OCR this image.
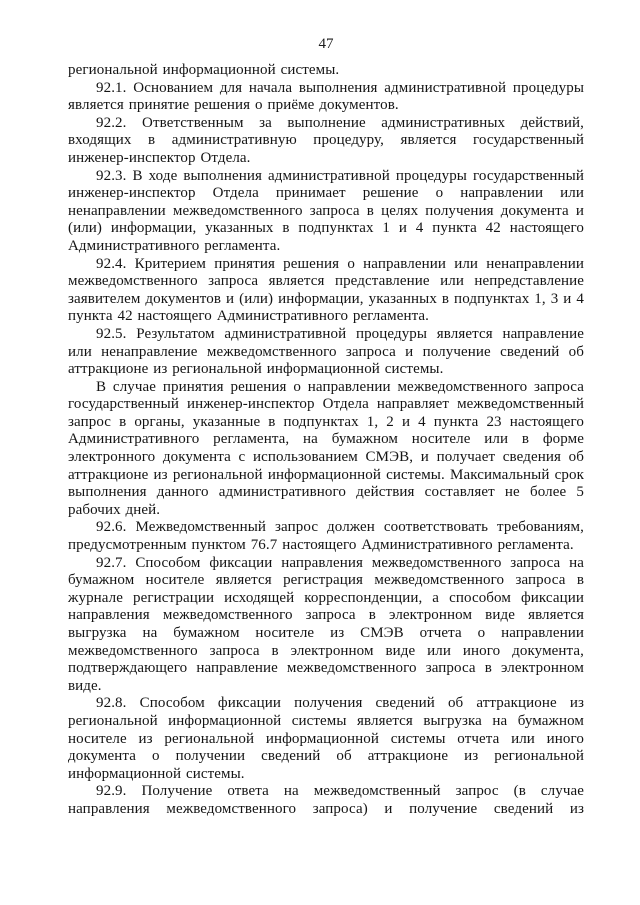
47

региональной информационной системы.

92.1. Основанием для начала выполнения административной процедуры является принятие решения о приёме документов.

92.2. Ответственным за выполнение административных действий, входящих в административную процедуру, является государственный инженер-инспектор Отдела.

92.3. В ходе выполнения административной процедуры государственный инженер-инспектор Отдела принимает решение о направлении или ненаправлении межведомственного запроса в целях получения документа и (или) информации, указанных в подпунктах 1 и 4 пункта 42 настоящего Административного регламента.

92.4. Критерием принятия решения о направлении или ненаправлении межведомственного запроса является представление или непредставление заявителем документов и (или) информации, указанных в подпунктах 1, 3 и 4 пункта 42 настоящего Административного регламента.

92.5. Результатом административной процедуры является направление или ненаправление межведомственного запроса и получение сведений об аттракционе из региональной информационной системы.

В случае принятия решения о направлении межведомственного запроса государственный инженер-инспектор Отдела направляет межведомственный запрос в органы, указанные в подпунктах 1, 2 и 4 пункта 23 настоящего Административного регламента, на бумажном носителе или в форме электронного документа с использованием СМЭВ, и получает сведения об аттракционе из региональной информационной системы. Максимальный срок выполнения данного административного действия составляет не более 5 рабочих дней.

92.6. Межведомственный запрос должен соответствовать требованиям, предусмотренным пунктом 76.7 настоящего Административного регламента.

92.7. Способом фиксации направления межведомственного запроса на бумажном носителе является регистрация межведомственного запроса в журнале регистрации исходящей корреспонденции, а способом фиксации направления межведомственного запроса в электронном виде является выгрузка на бумажном носителе из СМЭВ отчета о направлении межведомственного запроса в электронном виде или иного документа, подтверждающего направление межведомственного запроса в электронном виде.

92.8. Способом фиксации получения сведений об аттракционе из региональной информационной системы является выгрузка на бумажном носителе из региональной информационной системы отчета или иного документа о получении сведений об аттракционе из региональной информационной системы.

92.9. Получение ответа на межведомственный запрос (в случае направления межведомственного запроса) и получение сведений из
